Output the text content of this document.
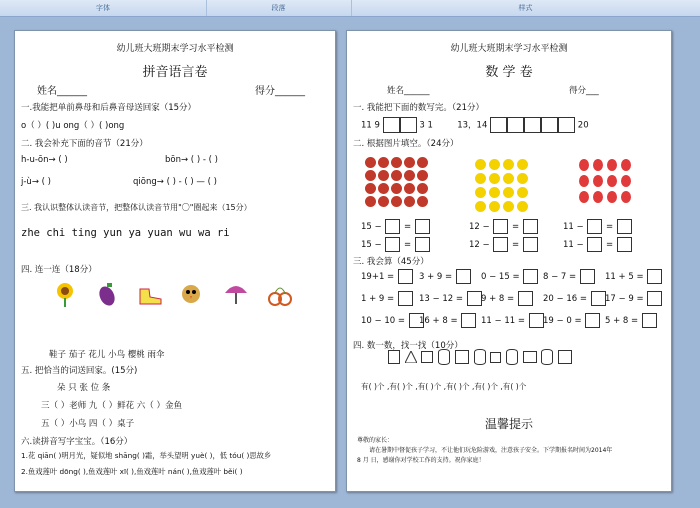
字体	段落	样式
幼儿班大班期末学习水平检测
拼音语言卷
姓名______	得分______
一.我能把单前鼻母和后鼻音母送回家（15分）
o（ ）( )u ong（ ）( )ong
二. 我会补充下面的音节（21分）
h-u-ōn→ ( )	bōn→ ( ) - ( )
j-ù→ ( )	qiōng→ ( ) - ( ) — ( )
三. 我认识整体认读音节，把整体认读音节用"〇"圈起来（15分）
zhe chi ting yun ya yuan wu wa ri
四. 连一连（18分）
鞋子 茄子 花儿 小鸟 樱桃 雨伞
五. 把恰当的词送回家。(15分)
朵 只 张 位 条
三（ ）老师 九（ ）鲜花 六（ ）金鱼
五（ ）小鸟 四（ ）桌子
六.读拼音写字宝宝。（16分）
1.花 qiān( )明月光，疑似地 shāng( )霜，举头望明 yuè( )，低 tóu( )思故乡
2.鱼戏莲叶 dōng( ),鱼戏莲叶 xī( ),鱼戏莲叶 nán( ),鱼戏莲叶 běi( )
幼儿班大班期末学习水平检测
数 学 卷
姓名______	得分___
一. 我能把下面的数写完。（21分）
11 9	3 1	13，14	20
二. 根据图片填空。（24分）
15 −	=	12 −	=	11 −	=
15 −	=	12 −	=	11 −	=
三. 我会算（45分）
19+1 =	3 + 9 =	0 − 15 =	8 − 7 =	11 + 5 =
1 + 9 =	13 − 12 =	9 + 8 =	20 − 16 =	17 − 9 =
10 − 10 =	16 + 8 =	11 − 11 =	19 − 0 =	5 + 8 =
四. 数一数，找一找（10分）

有( )个 ,有( )个 ,有( )个 ,有( )个 ,有( )个 ,有( )个
温馨提示
尊敬的家长：
请在暑期中督促孩子学习，不让他们玩危险游戏，注意孩子安全。下学期报名时间为2014年
8 月 日，感谢你对学校工作的支持。祝你家庭！
